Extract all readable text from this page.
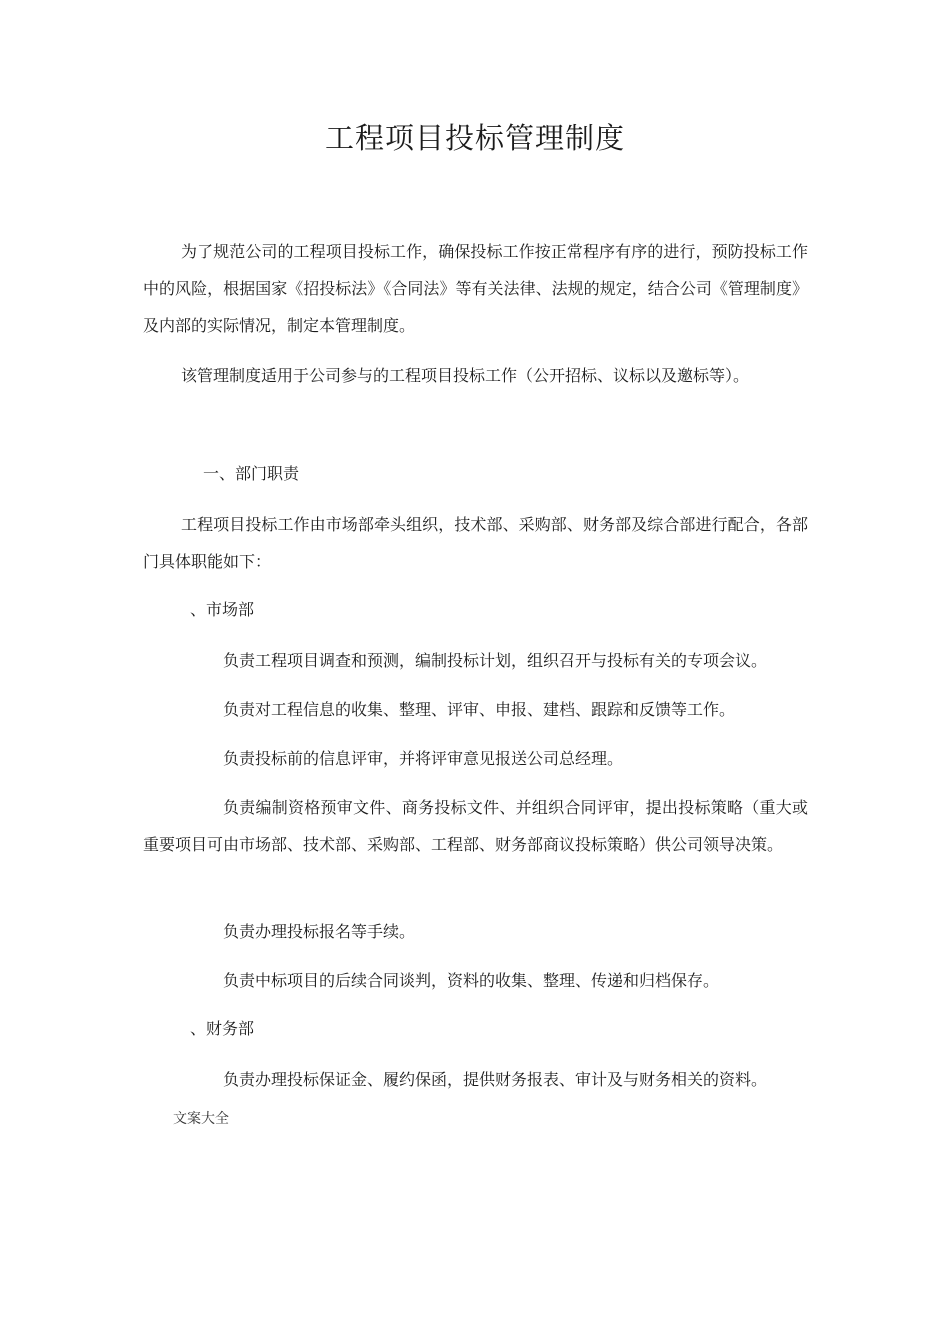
工程项目投标管理制度

为了规范公司的工程项目投标工作，确保投标工作按正常程序有序的进行，预防投标工作中的风险，根据国家《招投标法》《合同法》等有关法律、法规的规定，结合公司《管理制度》及内部的实际情况，制定本管理制度。

该管理制度适用于公司参与的工程项目投标工作（公开招标、议标以及邀标等）。

一、部门职责

工程项目投标工作由市场部牵头组织，技术部、采购部、财务部及综合部进行配合，各部门具体职能如下：

、市场部

负责工程项目调查和预测，编制投标计划，组织召开与投标有关的专项会议。

负责对工程信息的收集、整理、评审、申报、建档、跟踪和反馈等工作。

负责投标前的信息评审，并将评审意见报送公司总经理。

负责编制资格预审文件、商务投标文件、并组织合同评审，提出投标策略（重大或重要项目可由市场部、技术部、采购部、工程部、财务部商议投标策略）供公司领导决策。

负责办理投标报名等手续。

负责中标项目的后续合同谈判，资料的收集、整理、传递和归档保存。

、财务部

负责办理投标保证金、履约保函，提供财务报表、审计及与财务相关的资料。

文案大全
